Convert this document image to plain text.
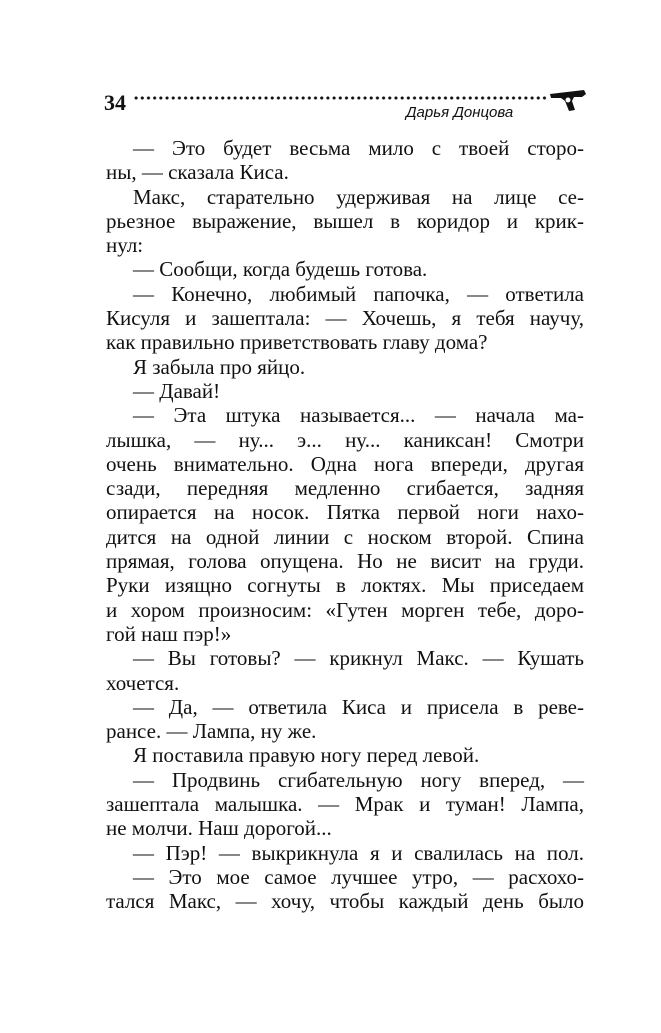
34	Дарья Донцова
— Это будет весьма мило с твоей сторо-
ны, — сказала Киса.
Макс, старательно удерживая на лице се-
рьезное выражение, вышел в коридор и крик-
нул:
— Сообщи, когда будешь готова.
— Конечно, любимый папочка, — ответила
Кисуля и зашептала: — Хочешь, я тебя научу,
как правильно приветствовать главу дома?
Я забыла про яйцо.
— Давай!
— Эта штука называется... — начала ма-
лышка, — ну... э... ну... каниксан! Смотри
очень внимательно. Одна нога впереди, другая
сзади, передняя медленно сгибается, задняя
опирается на носок. Пятка первой ноги нахо-
дится на одной линии с носком второй. Спина
прямая, голова опущена. Но не висит на груди.
Руки изящно согнуты в локтях. Мы приседаем
и хором произносим: «Гутен морген тебе, доро-
гой наш пэр!»
— Вы готовы? — крикнул Макс. — Кушать
хочется.
— Да, — ответила Киса и присела в реве-
рансе. — Лампа, ну же.
Я поставила правую ногу перед левой.
— Продвинь сгибательную ногу вперед, —
зашептала малышка. — Мрак и туман! Лампа,
не молчи. Наш дорогой...
— Пэр! — выкрикнула я и свалилась на пол.
— Это мое самое лучшее утро, — расхохо-
тался Макс, — хочу, чтобы каждый день было
